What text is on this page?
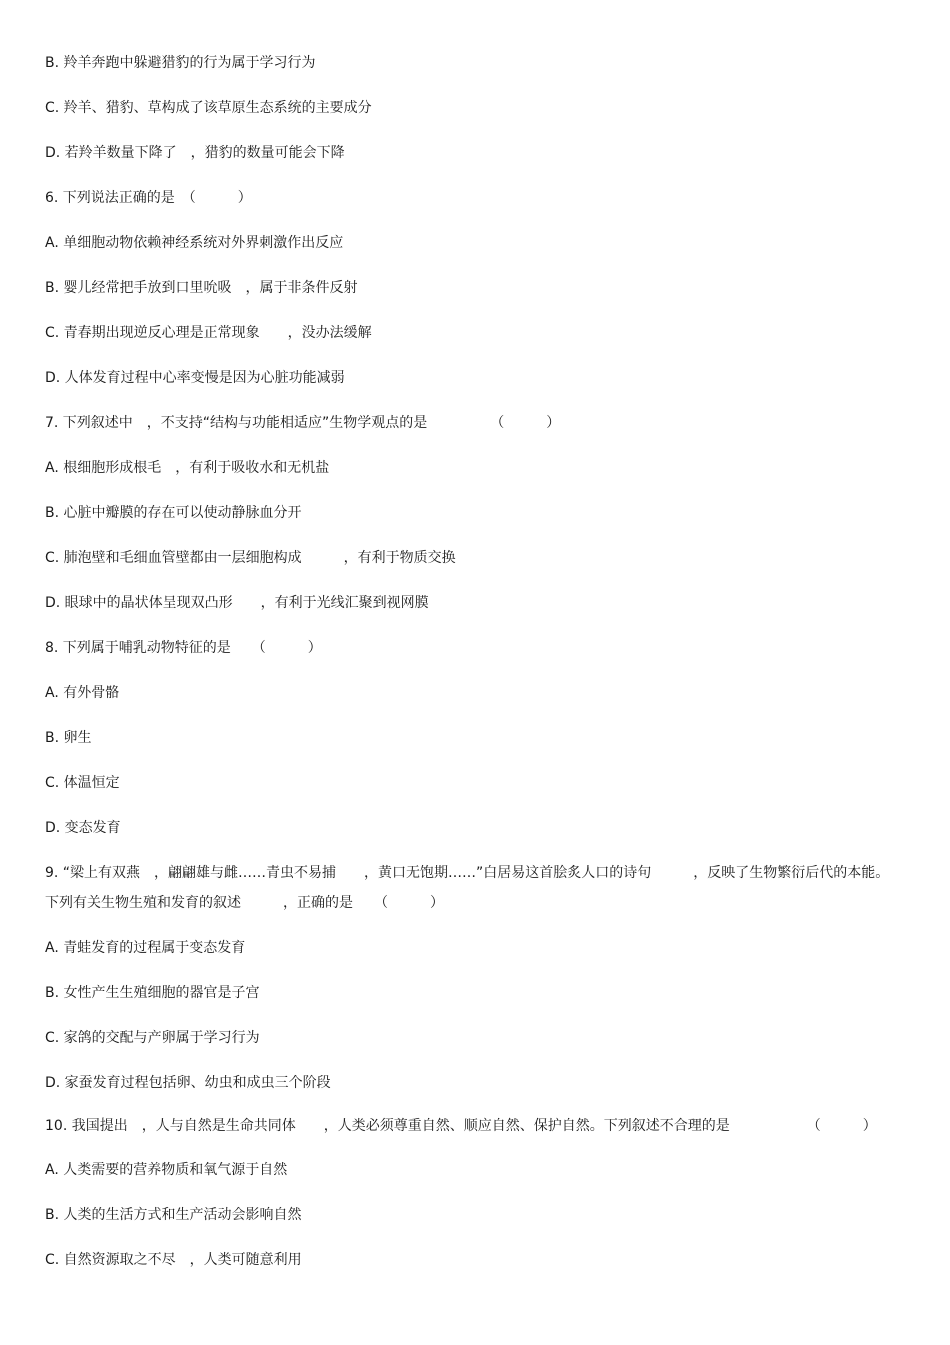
B. 羚羊奔跑中躲避猎豹的行为属于学习行为

C. 羚羊、猎豹、草构成了该草原生态系统的主要成分

D. 若羚羊数量下降了　，猎豹的数量可能会下降

6. 下列说法正确的是　（　　　）

A. 单细胞动物依赖神经系统对外界刺激作出反应

B. 婴儿经常把手放到口里吮吸　，属于非条件反射

C. 青春期出现逆反心理是正常现象　　，没办法缓解

D. 人体发育过程中心率变慢是因为心脏功能减弱

7. 下列叙述中　，不支持“结构与功能相适应”生物学观点的是　　　　　（　　　）

A. 根细胞形成根毛　，有利于吸收水和无机盐

B. 心脏中瓣膜的存在可以使动静脉血分开

C. 肺泡壁和毛细血管壁都由一层细胞构成　　　，有利于物质交换

D. 眼球中的晶状体呈现双凸形　　，有利于光线汇聚到视网膜

8. 下列属于哺乳动物特征的是　　（　　　）

A. 有外骨骼

B. 卵生

C. 体温恒定

D. 变态发育

9. “梁上有双燕　，翩翩雄与雌……青虫不易捕　　，黄口无饱期……”白居易这首脍炙人口的诗句　　　，反映了生物繁衍后代的本能。下列有关生物生殖和发育的叙述　　　，正确的是　　（　　　）

A. 青蛙发育的过程属于变态发育

B. 女性产生生殖细胞的器官是子宫

C. 家鸽的交配与产卵属于学习行为

D. 家蚕发育过程包括卵、幼虫和成虫三个阶段

10. 我国提出　，人与自然是生命共同体　　，人类必须尊重自然、顺应自然、保护自然。下列叙述不合理的是　　　　　　（　　　）

A. 人类需要的营养物质和氧气源于自然

B. 人类的生活方式和生产活动会影响自然

C. 自然资源取之不尽　，人类可随意利用
